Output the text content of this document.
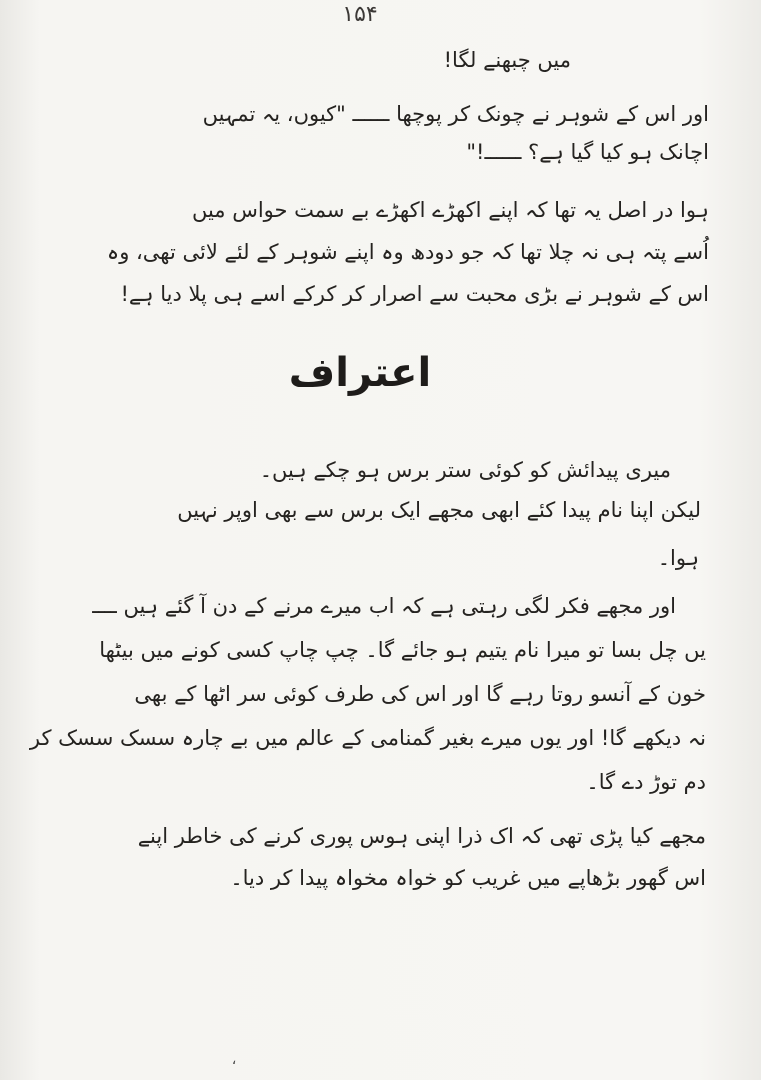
۱۵۴
میں چبھنے لگا!
اور اس کے شوہر نے چونک کر پوچھا ــــــ "کیوں، یہ تمہیں
اچانک ہو کیا گیا ہے؟ ــــــ!"
ہوا در اصل یہ تھا کہ اپنے اکھڑے اکھڑے بے سمت حواس میں
اُسے پتہ ہی نہ چلا تھا کہ جو دودھ وہ اپنے شوہر کے لئے لائی تھی، وہ
اس کے شوہر نے بڑی محبت سے اصرار کر کرکے اسے ہی پلا دیا ہے!
اعتراف
میری پیدائش کو کوئی ستر برس ہو چکے ہیں۔
لیکن اپنا نام پیدا کئے ابھی مجھے ایک برس سے بھی اوپر نہیں
ہوا۔
اور مجھے فکر لگی رہتی ہے کہ اب میرے مرنے کے دن آ گئے ہیں ــــ
یں چل بسا تو میرا نام یتیم ہو جائے گا۔ چپ چاپ کسی کونے میں بیٹھا
خون کے آنسو روتا رہے گا اور اس کی طرف کوئی سر اٹھا کے بھی
نہ دیکھے گا! اور یوں میرے بغیر گمنامی کے عالم میں بے چارہ سسک سسک کر
دم توڑ دے گا۔
مجھے کیا پڑی تھی کہ اک ذرا اپنی ہوس پوری کرنے کی خاطر اپنے
اس گھور بڑھاپے میں غریب کو خواہ مخواہ پیدا کر دیا۔
،
